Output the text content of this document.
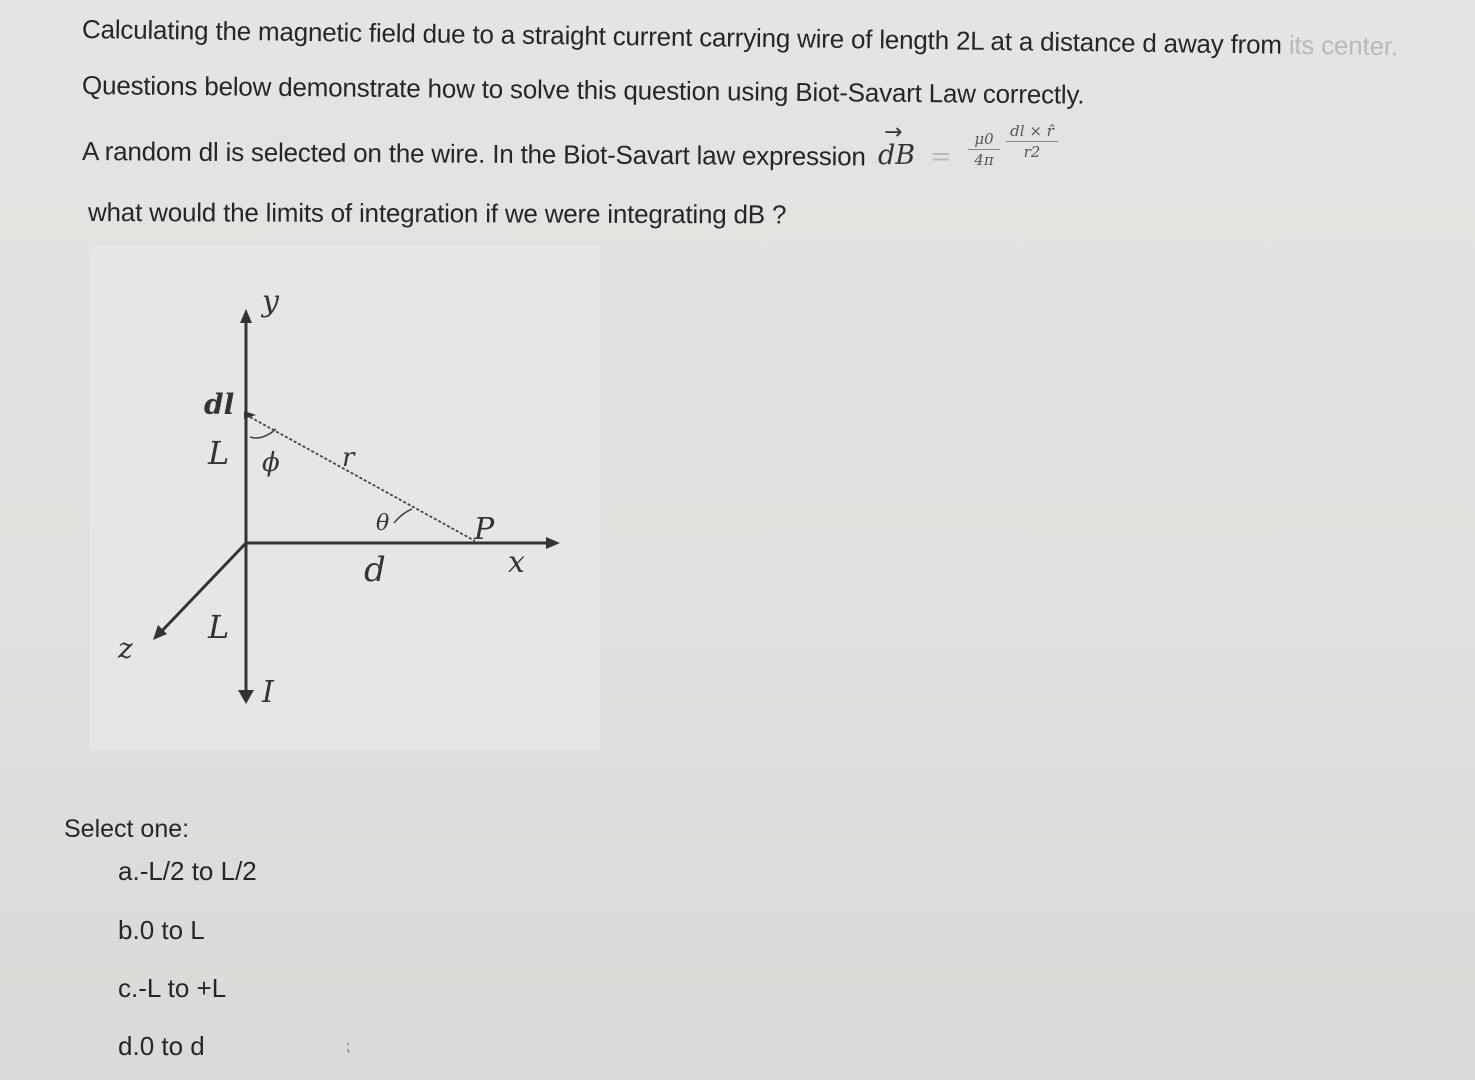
Calculating the magnetic field due to a straight current carrying wire of length 2L at a distance d away from its center.
Questions below demonstrate how to solve this question using Biot-Savart Law correctly.
A random dl is selected on the wire. In the Biot-Savart law expression
→
dB =
μ0
4π
dl × r̂
r2
what would the limits of integration if we were integrating dB ?
y
dl
L ϕ r
θ	P
d	x
z
L
I
Select one:
a.-L/2 to L/2
b.0 to L
c.-L to +L
d.0 to d	⁏
